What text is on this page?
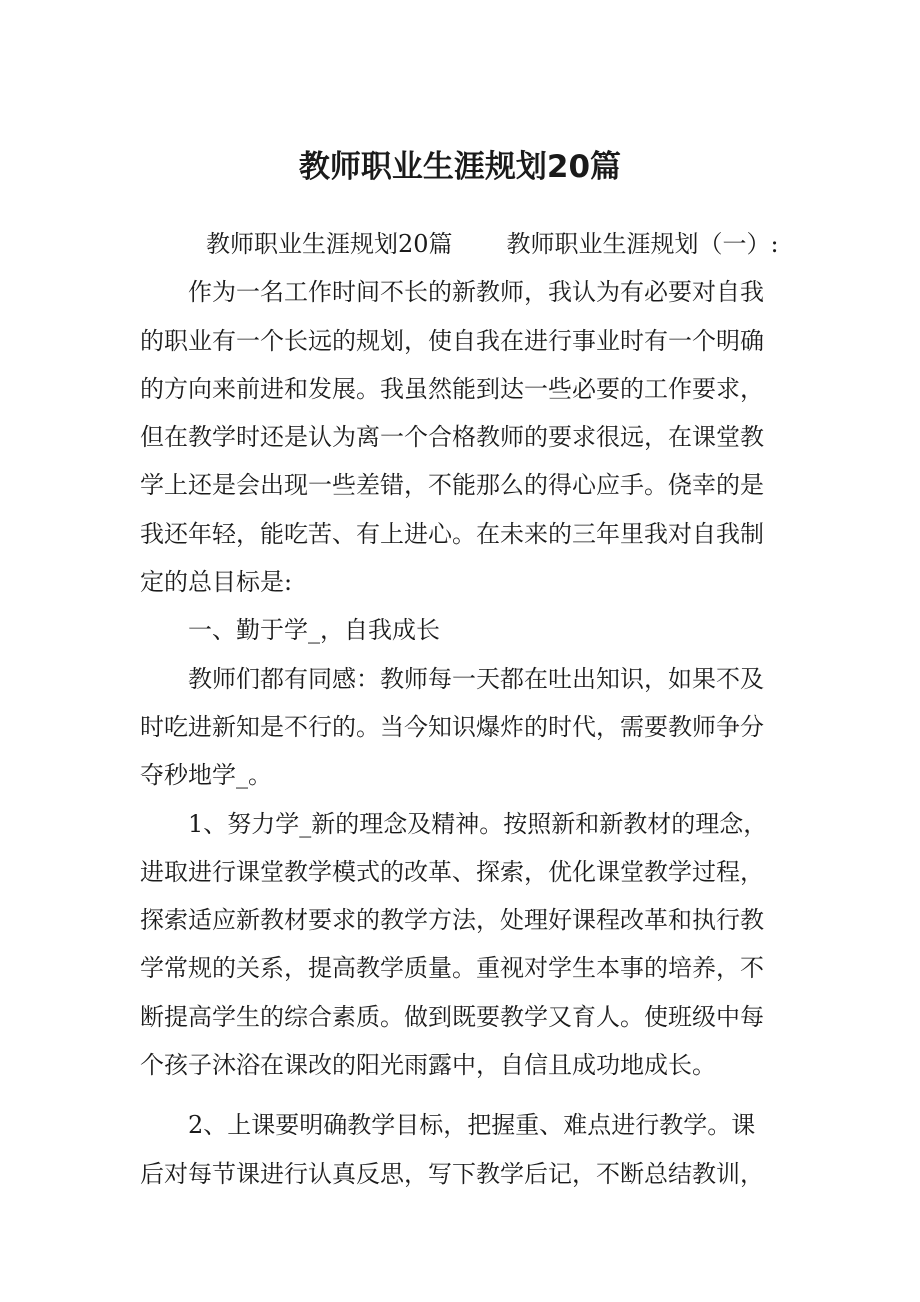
教师职业生涯规划20篇
教师职业生涯规划20篇 教师职业生涯规划（一）:
作为一名工作时间不长的新教师，我认为有必要对自我
的职业有一个长远的规划，使自我在进行事业时有一个明确
的方向来前进和发展。我虽然能到达一些必要的工作要求，
但在教学时还是认为离一个合格教师的要求很远，在课堂教
学上还是会出现一些差错，不能那么的得心应手。侥幸的是
我还年轻，能吃苦、有上进心。在未来的三年里我对自我制
定的总目标是:
一、勤于学_，自我成长
教师们都有同感：教师每一天都在吐出知识，如果不及
时吃进新知是不行的。当今知识爆炸的时代，需要教师争分
夺秒地学_。
1、努力学_新的理念及精神。按照新和新教材的理念，
进取进行课堂教学模式的改革、探索，优化课堂教学过程，
探索适应新教材要求的教学方法，处理好课程改革和执行教
学常规的关系，提高教学质量。重视对学生本事的培养，不
断提高学生的综合素质。做到既要教学又育人。使班级中每
个孩子沐浴在课改的阳光雨露中，自信且成功地成长。
2、上课要明确教学目标，把握重、难点进行教学。课
后对每节课进行认真反思，写下教学后记，不断总结教训，
